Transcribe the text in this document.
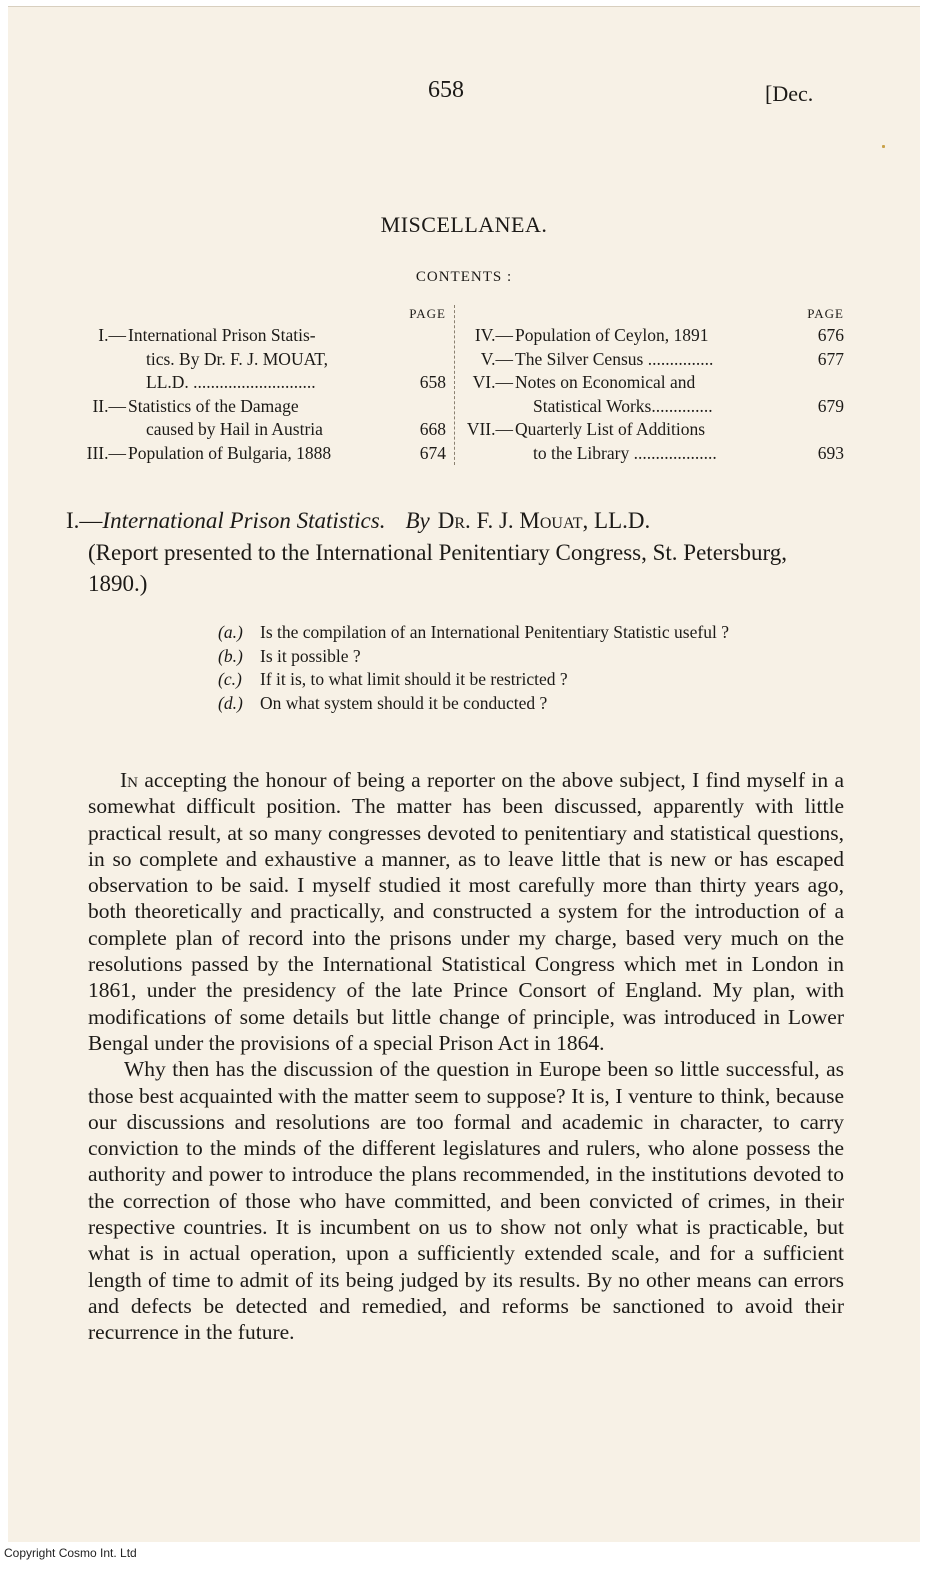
658	[Dec.
MISCELLANEA.
CONTENTS :
PAGE
I.— International Prison Statis-
tics. By Dr. F. J. MOUAT,
LL.D. ............................	658
II.— Statistics of the Damage
caused by Hail in Austria	668
III.— Population of Bulgaria, 1888	674
PAGE
IV.— Population of Ceylon, 1891	676
V.— The Silver Census ...............	677
VI.— Notes on Economical and
Statistical Works..............	679
VII.— Quarterly List of Additions
to the Library ...................	693
I.—International Prison Statistics. By Dr. F. J. Mouat, LL.D.
(Report presented to the International Penitentiary Congress, St. Petersburg, 1890.)
(a.) Is the compilation of an International Penitentiary Statistic useful ?
(b.) Is it possible ?
(c.)	If it is, to what limit should it be restricted ?
(d.) On what system should it be conducted ?

In accepting the honour of being a reporter on the above subject, I find myself in a somewhat difficult position. The matter has been discussed, apparently with little practical result, at so many congresses devoted to penitentiary and statistical questions, in so complete and exhaustive a manner, as to leave little that is new or has escaped observation to be said. I myself studied it most carefully more than thirty years ago, both theoretically and practically, and constructed a system for the introduction of a complete plan of record into the prisons under my charge, based very much on the resolutions passed by the International Statistical Congress which met in London in 1861, under the presidency of the late Prince Consort of England. My plan, with modifications of some details but little change of principle, was introduced in Lower Bengal under the provisions of a special Prison Act in 1864.

Why then has the discussion of the question in Europe been so little successful, as those best acquainted with the matter seem to suppose? It is, I venture to think, because our discussions and resolutions are too formal and academic in character, to carry conviction to the minds of the different legislatures and rulers, who alone possess the authority and power to introduce the plans recommended, in the institutions devoted to the correction of those who have committed, and been convicted of crimes, in their respective countries. It is incumbent on us to show not only what is practicable, but what is in actual operation, upon a sufficiently extended scale, and for a sufficient length of time to admit of its being judged by its results. By no other means can errors and defects be detected and remedied, and reforms be sanctioned to avoid their recurrence in the future.

Copyright Cosmo Int. Ltd
